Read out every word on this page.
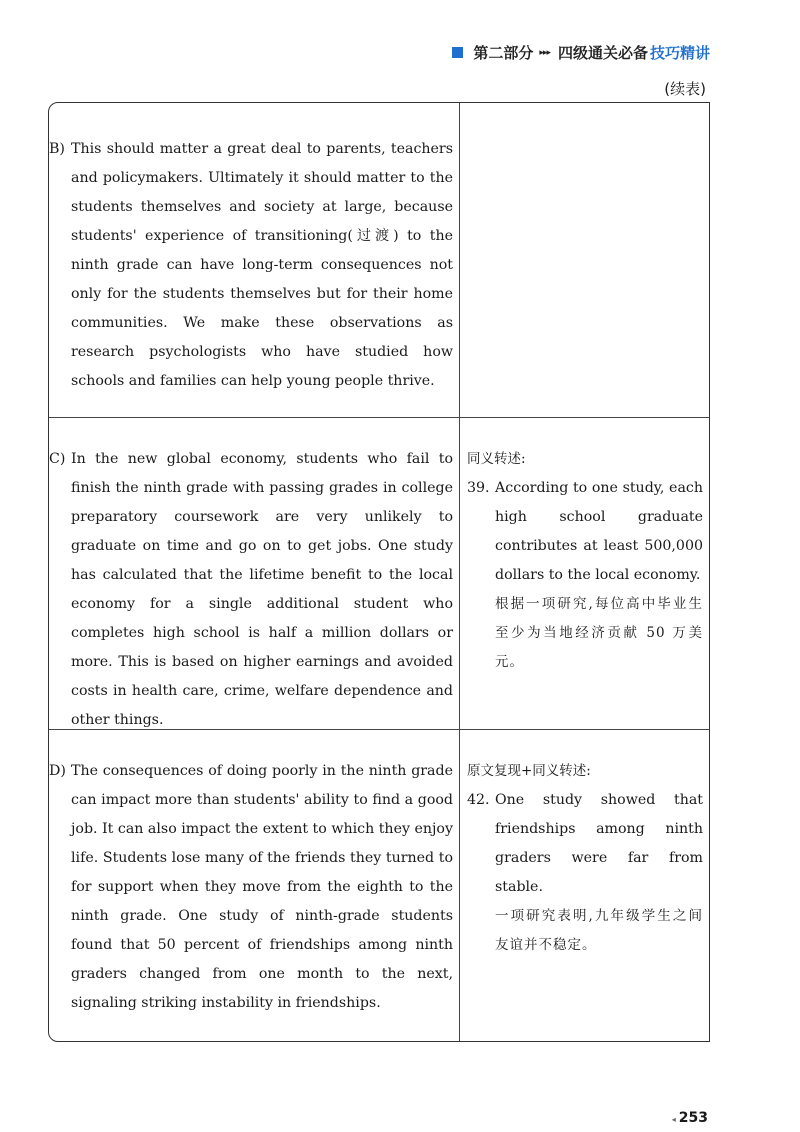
第二部分 ▸▸▸ 四级通关必备 技巧精讲
(续表)
B) This should matter a great deal to parents, teachers and policymakers. Ultimately it should matter to the students themselves and society at large, because students' experience of transitioning(过渡) to the ninth grade can have long-term consequences not only for the students themselves but for their home communities. We make these observations as research psychologists who have studied how schools and families can help young people thrive.

C) In the new global economy, students who fail to finish the ninth grade with passing grades in college preparatory coursework are very unlikely to graduate on time and go on to get jobs. One study has calculated that the lifetime benefit to the local economy for a single additional student who completes high school is half a million dollars or more. This is based on higher earnings and avoided costs in health care, crime, welfare dependence and other things.

同义转述:
39. According to one study, each high school graduate contributes at least 500,000 dollars to the local economy.

根据一项研究,每位高中毕业生至少为当地经济贡献 50 万美元。

D) The consequences of doing poorly in the ninth grade can impact more than students' ability to find a good job. It can also impact the extent to which they enjoy life. Students lose many of the friends they turned to for support when they move from the eighth to the ninth grade. One study of ninth-grade students found that 50 percent of friendships among ninth graders changed from one month to the next, signaling striking instability in friendships.

原文复现+同义转述:
42. One study showed that friendships among ninth graders were far from stable.

一项研究表明,九年级学生之间友谊并不稳定。

◂ 253
